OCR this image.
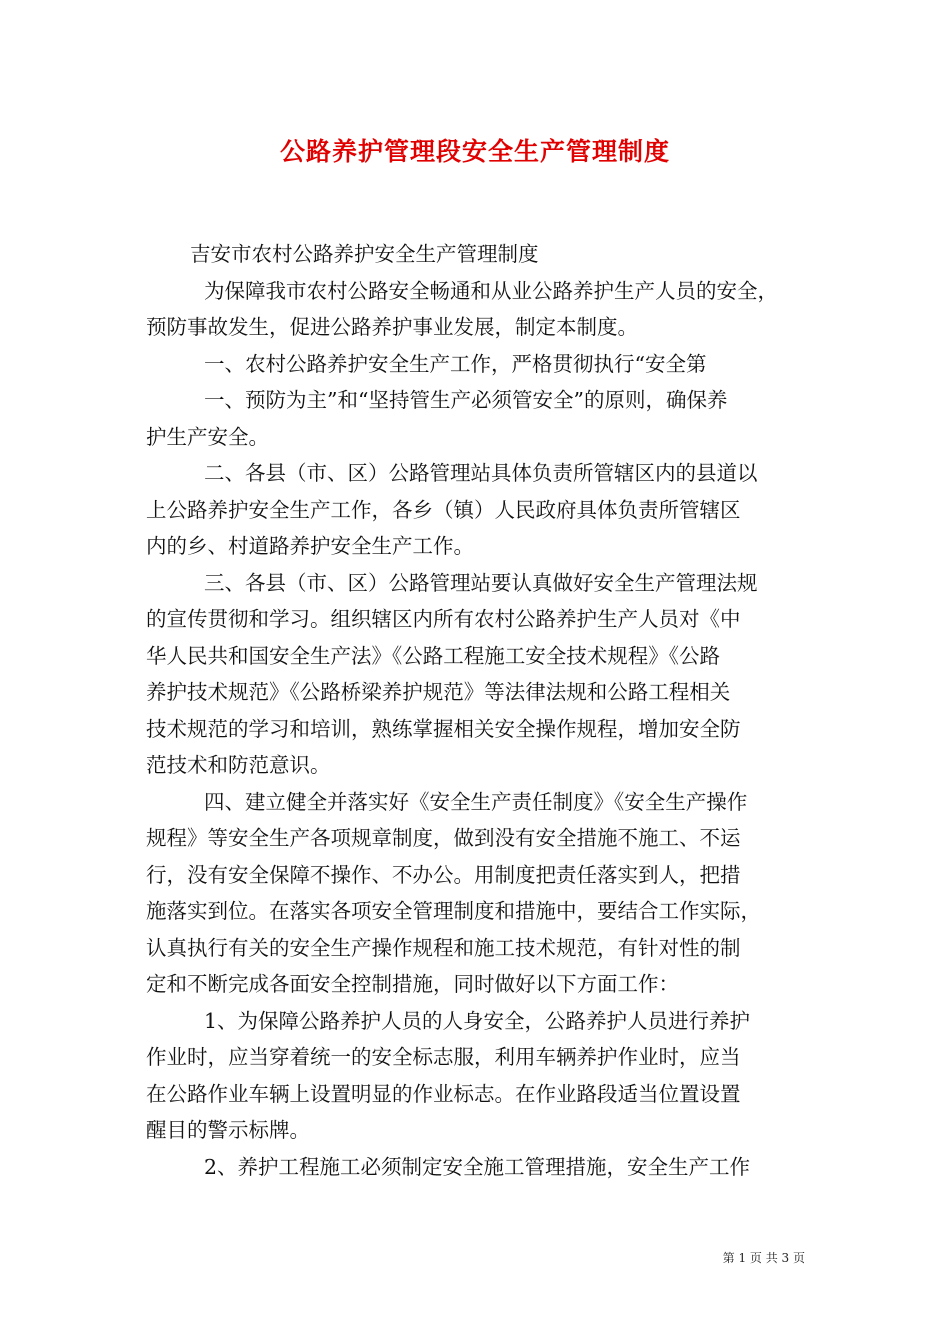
公路养护管理段安全生产管理制度
吉安市农村公路养护安全生产管理制度
为保障我市农村公路安全畅通和从业公路养护生产人员的安全，
预防事故发生，促进公路养护事业发展，制定本制度。
一、农村公路养护安全生产工作，严格贯彻执行“安全第
一、预防为主”和“坚持管生产必须管安全”的原则，确保养
护生产安全。
二、各县（市、区）公路管理站具体负责所管辖区内的县道以
上公路养护安全生产工作，各乡（镇）人民政府具体负责所管辖区
内的乡、村道路养护安全生产工作。
三、各县（市、区）公路管理站要认真做好安全生产管理法规
的宣传贯彻和学习。组织辖区内所有农村公路养护生产人员对《中
华人民共和国安全生产法》《公路工程施工安全技术规程》《公路
养护技术规范》《公路桥梁养护规范》等法律法规和公路工程相关
技术规范的学习和培训，熟练掌握相关安全操作规程，增加安全防
范技术和防范意识。
四、建立健全并落实好《安全生产责任制度》《安全生产操作
规程》等安全生产各项规章制度，做到没有安全措施不施工、不运
行，没有安全保障不操作、不办公。用制度把责任落实到人，把措
施落实到位。在落实各项安全管理制度和措施中，要结合工作实际，
认真执行有关的安全生产操作规程和施工技术规范，有针对性的制
定和不断完成各面安全控制措施，同时做好以下方面工作：
1、为保障公路养护人员的人身安全，公路养护人员进行养护
作业时，应当穿着统一的安全标志服，利用车辆养护作业时，应当
在公路作业车辆上设置明显的作业标志。在作业路段适当位置设置
醒目的警示标牌。
2、养护工程施工必须制定安全施工管理措施，安全生产工作
第 1 页 共 3 页
